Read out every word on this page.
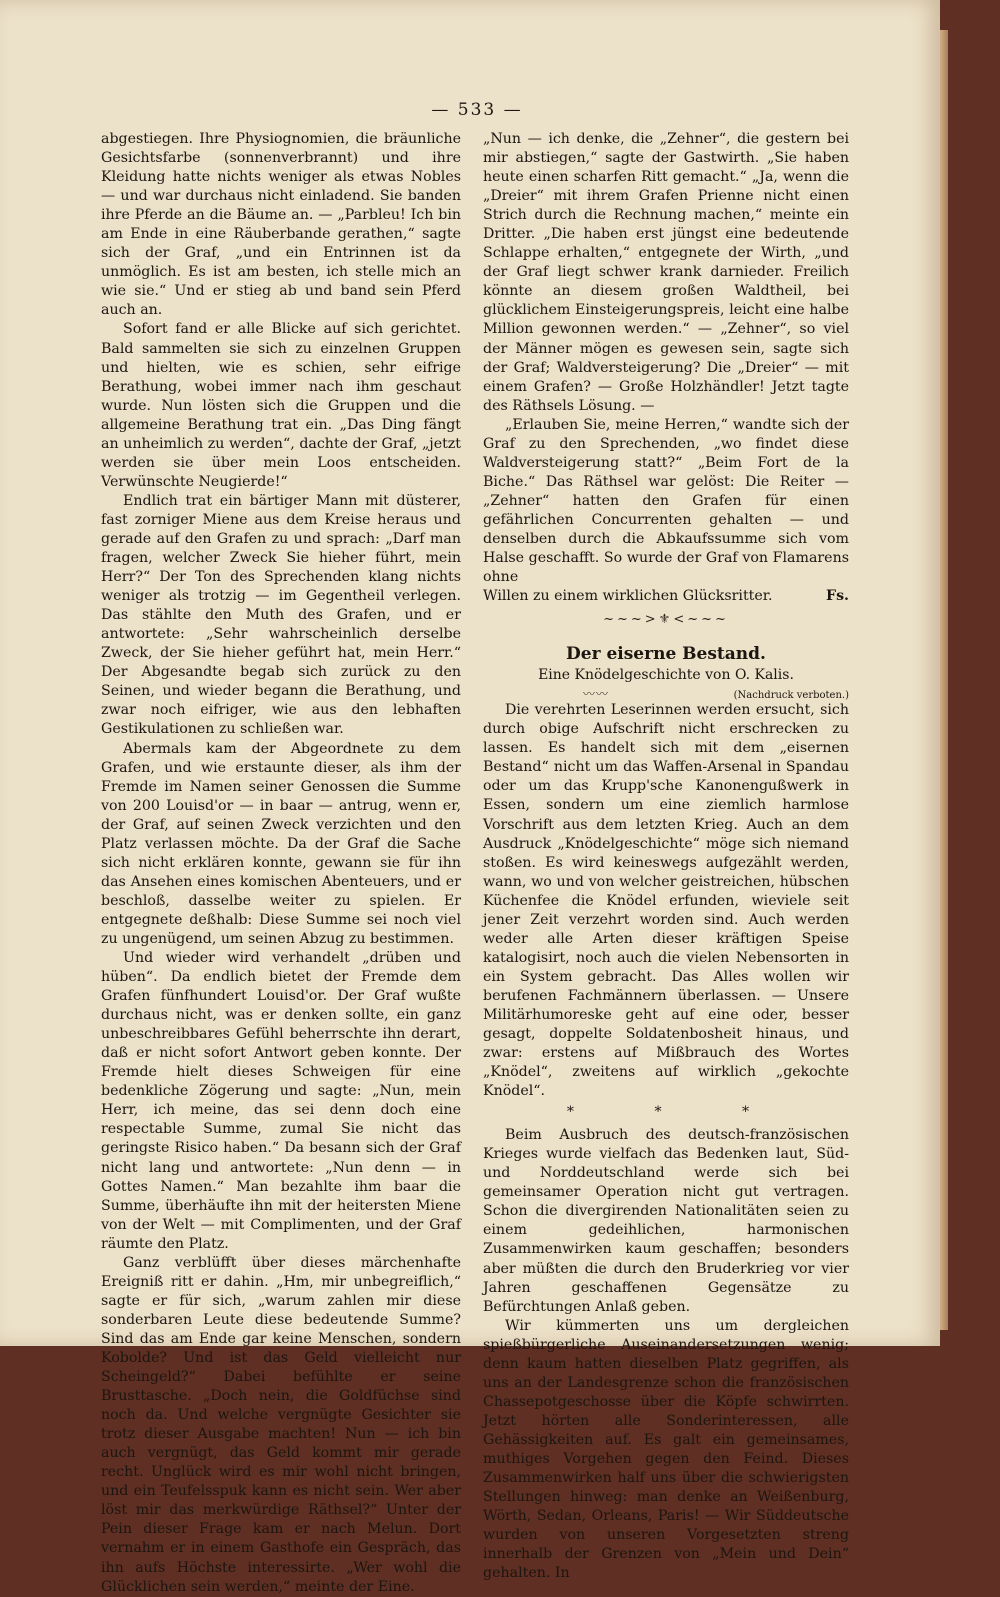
— 533 —

abgestiegen. Ihre Physiognomien, die bräunliche Gesichtsfarbe (sonnenverbrannt) und ihre Kleidung hatte nichts weniger als etwas Nobles — und war durchaus nicht einladend. Sie banden ihre Pferde an die Bäume an. — „Parbleu! Ich bin am Ende in eine Räuberbande gerathen,“ sagte sich der Graf, „und ein Entrinnen ist da unmöglich. Es ist am besten, ich stelle mich an wie sie.“ Und er stieg ab und band sein Pferd auch an.

Sofort fand er alle Blicke auf sich gerichtet. Bald sammelten sie sich zu einzelnen Gruppen und hielten, wie es schien, sehr eifrige Berathung, wobei immer nach ihm geschaut wurde. Nun lösten sich die Gruppen und die allgemeine Berathung trat ein. „Das Ding fängt an unheimlich zu werden“, dachte der Graf, „jetzt werden sie über mein Loos entscheiden. Verwünschte Neugierde!“

Endlich trat ein bärtiger Mann mit düsterer, fast zorniger Miene aus dem Kreise heraus und gerade auf den Grafen zu und sprach: „Darf man fragen, welcher Zweck Sie hieher führt, mein Herr?“ Der Ton des Sprechenden klang nichts weniger als trotzig — im Gegentheil verlegen. Das stählte den Muth des Grafen, und er antwortete: „Sehr wahrscheinlich derselbe Zweck, der Sie hieher geführt hat, mein Herr.“ Der Abgesandte begab sich zurück zu den Seinen, und wieder begann die Berathung, und zwar noch eifriger, wie aus den lebhaften Gestikulationen zu schließen war.

Abermals kam der Abgeordnete zu dem Grafen, und wie erstaunte dieser, als ihm der Fremde im Namen seiner Genossen die Summe von 200 Louisd'or — in baar — antrug, wenn er, der Graf, auf seinen Zweck verzichten und den Platz verlassen möchte. Da der Graf die Sache sich nicht erklären konnte, gewann sie für ihn das Ansehen eines komischen Abenteuers, und er beschloß, dasselbe weiter zu spielen. Er entgegnete deßhalb: Diese Summe sei noch viel zu ungenügend, um seinen Abzug zu bestimmen.

Und wieder wird verhandelt „drüben und hüben“. Da endlich bietet der Fremde dem Grafen fünfhundert Louisd'or. Der Graf wußte durchaus nicht, was er denken sollte, ein ganz unbeschreibbares Gefühl beherrschte ihn derart, daß er nicht sofort Antwort geben konnte. Der Fremde hielt dieses Schweigen für eine bedenkliche Zögerung und sagte: „Nun, mein Herr, ich meine, das sei denn doch eine respectable Summe, zumal Sie nicht das geringste Risico haben.“ Da besann sich der Graf nicht lang und antwortete: „Nun denn — in Gottes Namen.“ Man bezahlte ihm baar die Summe, überhäufte ihn mit der heitersten Miene von der Welt — mit Complimenten, und der Graf räumte den Platz.

Ganz verblüfft über dieses märchenhafte Ereigniß ritt er dahin. „Hm, mir unbegreiflich,“ sagte er für sich, „warum zahlen mir diese sonderbaren Leute diese bedeutende Summe? Sind das am Ende gar keine Menschen, sondern Kobolde? Und ist das Geld vielleicht nur Scheingeld?“ Dabei befühlte er seine Brusttasche. „Doch nein, die Goldfüchse sind noch da. Und welche vergnügte Gesichter sie trotz dieser Ausgabe machten! Nun — ich bin auch vergnügt, das Geld kommt mir gerade recht. Unglück wird es mir wohl nicht bringen, und ein Teufelsspuk kann es nicht sein. Wer aber löst mir das merkwürdige Räthsel?“ Unter der Pein dieser Frage kam er nach Melun. Dort vernahm er in einem Gasthofe ein Gespräch, das ihn aufs Höchste interessirte. „Wer wohl die Glücklichen sein werden,“ meinte der Eine.

„Nun — ich denke, die „Zehner“, die gestern bei mir abstiegen,“ sagte der Gastwirth. „Sie haben heute einen scharfen Ritt gemacht.“ „Ja, wenn die „Dreier“ mit ihrem Grafen Prienne nicht einen Strich durch die Rechnung machen,“ meinte ein Dritter. „Die haben erst jüngst eine bedeutende Schlappe erhalten,“ entgegnete der Wirth, „und der Graf liegt schwer krank darnieder. Freilich könnte an diesem großen Waldtheil, bei glücklichem Einsteigerungspreis, leicht eine halbe Million gewonnen werden.“ — „Zehner“, so viel der Männer mögen es gewesen sein, sagte sich der Graf; Waldversteigerung? Die „Dreier“ — mit einem Grafen? — Große Holzhändler! Jetzt tagte des Räthsels Lösung. —

„Erlauben Sie, meine Herren,“ wandte sich der Graf zu den Sprechenden, „wo findet diese Waldversteigerung statt?“ „Beim Fort de la Biche.“ Das Räthsel war gelöst: Die Reiter — „Zehner“ hatten den Grafen für einen gefährlichen Concurrenten gehalten — und denselben durch die Abkaufssumme sich vom Halse geschafft. So wurde der Graf von Flamarens ohne

Willen zu einem wirklichen Glücksritter.	Fs.
~~~>⚜<~~~
Der eiserne Bestand.
Eine Knödelgeschichte von O. Kalis.
〰〰	(Nachdruck verboten.)

Die verehrten Leserinnen werden ersucht, sich durch obige Aufschrift nicht erschrecken zu lassen. Es handelt sich mit dem „eisernen Bestand“ nicht um das Waffen-Arsenal in Spandau oder um das Krupp'sche Kanonengußwerk in Essen, sondern um eine ziemlich harmlose Vorschrift aus dem letzten Krieg. Auch an dem Ausdruck „Knödelgeschichte“ möge sich niemand stoßen. Es wird keineswegs aufgezählt werden, wann, wo und von welcher geistreichen, hübschen Küchenfee die Knödel erfunden, wieviele seit jener Zeit verzehrt worden sind. Auch werden weder alle Arten dieser kräftigen Speise katalogisirt, noch auch die vielen Nebensorten in ein System gebracht. Das Alles wollen wir berufenen Fachmännern überlassen. — Unsere Militärhumoreske geht auf eine oder, besser gesagt, doppelte Soldatenbosheit hinaus, und zwar: erstens auf Mißbrauch des Wortes „Knödel“, zweitens auf wirklich „gekochte Knödel“.

* * *

Beim Ausbruch des deutsch-französischen Krieges wurde vielfach das Bedenken laut, Süd- und Norddeutschland werde sich bei gemeinsamer Operation nicht gut vertragen. Schon die divergirenden Nationalitäten seien zu einem gedeihlichen, harmonischen Zusammenwirken kaum geschaffen; besonders aber müßten die durch den Bruderkrieg vor vier Jahren geschaffenen Gegensätze zu Befürchtungen Anlaß geben.

Wir kümmerten uns um dergleichen spießbürgerliche Auseinandersetzungen wenig; denn kaum hatten dieselben Platz gegriffen, als uns an der Landesgrenze schon die französischen Chassepotgeschosse über die Köpfe schwirrten. Jetzt hörten alle Sonderinteressen, alle Gehässigkeiten auf. Es galt ein gemeinsames, muthiges Vorgehen gegen den Feind. Dieses Zusammenwirken half uns über die schwierigsten Stellungen hinweg: man denke an Weißenburg, Wörth, Sedan, Orleans, Paris! — Wir Süddeutsche wurden von unseren Vorgesetzten streng innerhalb der Grenzen von „Mein und Dein“ gehalten. In
